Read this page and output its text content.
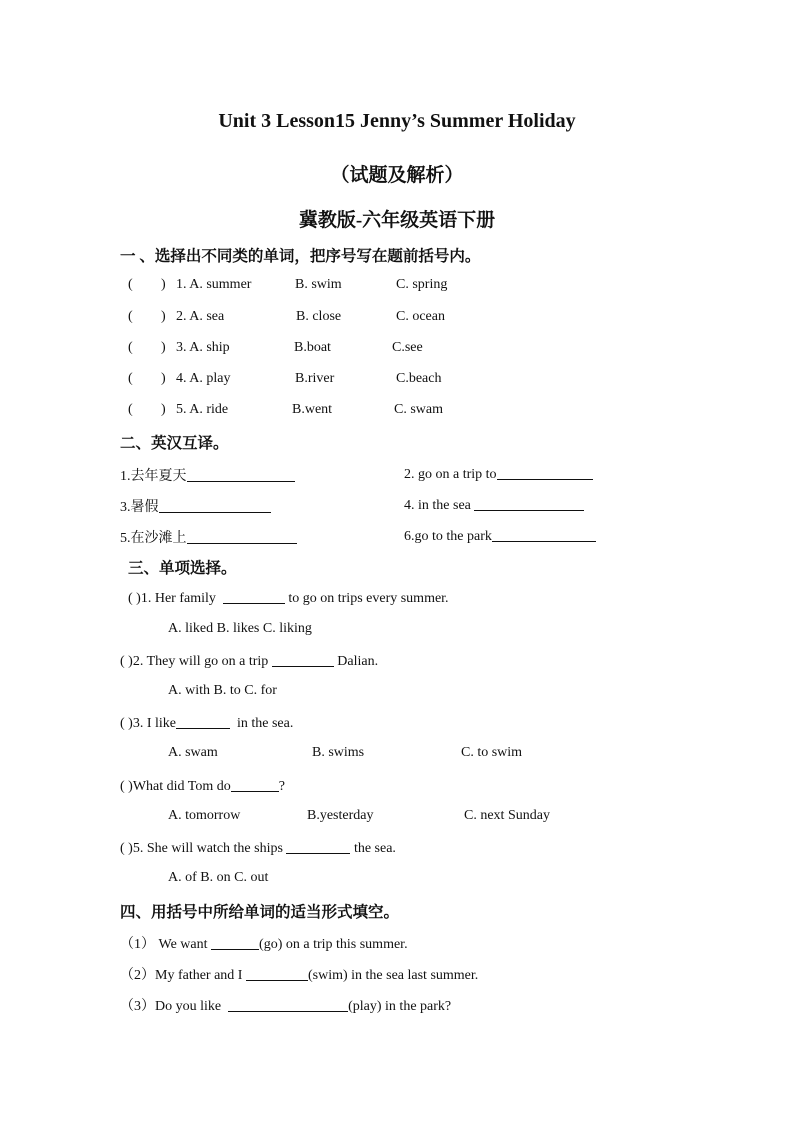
Unit 3 Lesson15 Jenny’s Summer Holiday
（试题及解析）
冀教版-六年级英语下册
一 、选择出不同类的单词，把序号写在题前括号内。
( ) 1. A. summer	B. swim	C. spring
( ) 2. A. sea	B. close	C. ocean
( ) 3. A. ship	B.boat	C.see
( ) 4. A. play	B.river	C.beach
( ) 5. A. ride	B.went	C. swam
二、英汉互译。
1.去年夏天	2. go on a trip to
3.暑假	4. in the sea
5.在沙滩上	6.go to the park
三、单项选择。
( )1. Her family	to go on trips every summer.
A. liked B. likes C. liking
( )2. They will go on a trip	Dalian.
A. with B. to C. for
( )3. I like	in the sea.
A. swam	B. swims	C. to swim
( )What did Tom do	?
A. tomorrow	B.yesterday	C. next Sunday
( )5. She will watch the ships	the sea.
A. of B. on C. out
四、用括号中所给单词的适当形式填空。
（1） We want	(go) on a trip this summer.
（2）My father and I	(swim) in the sea last summer.
（3）Do you like	(play) in the park?
